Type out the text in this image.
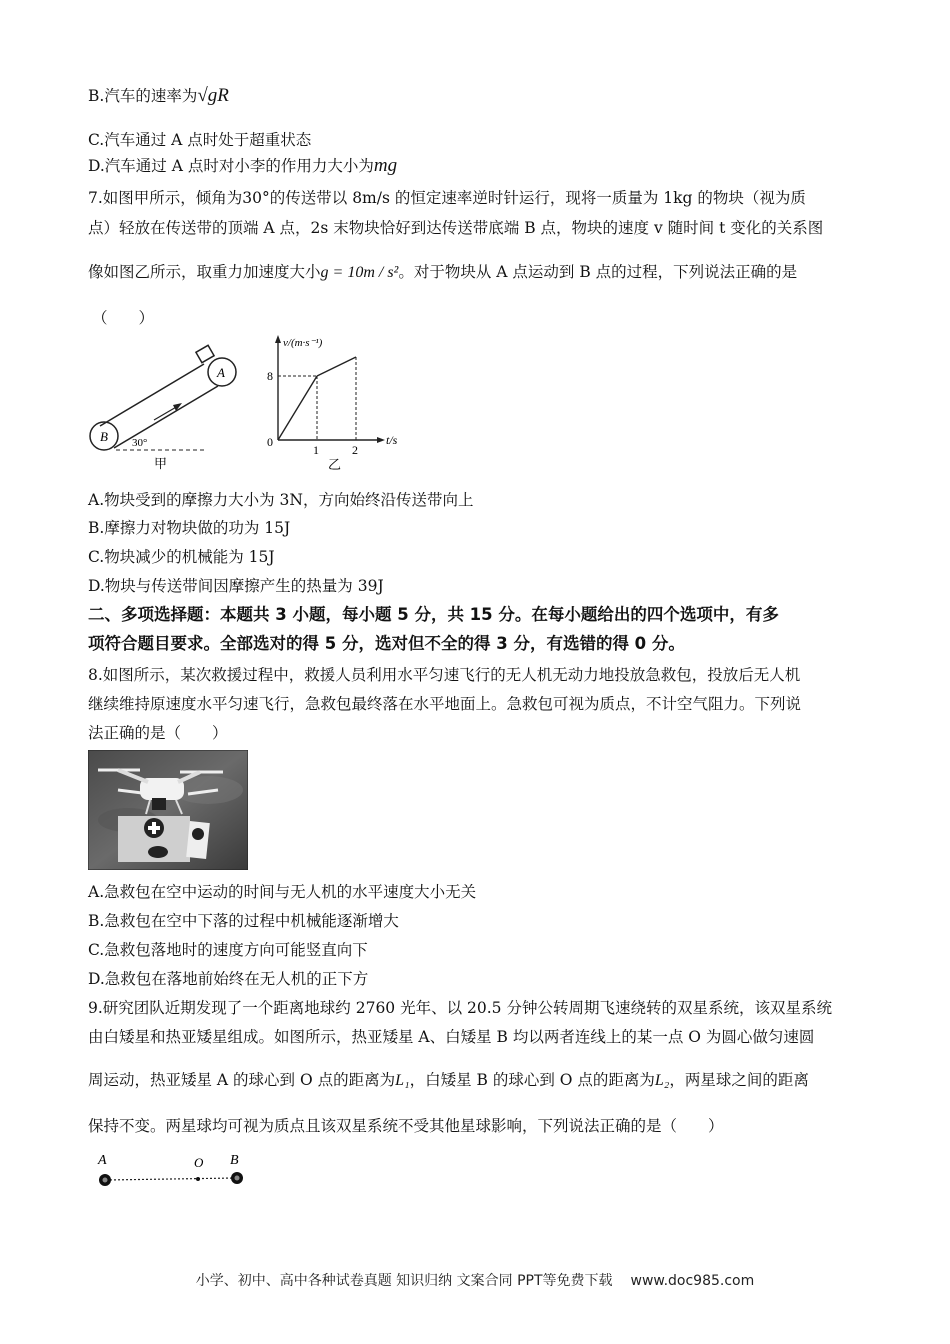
B.汽车的速率为√gR
C.汽车通过 A 点时处于超重状态
D.汽车通过 A 点时对小李的作用力大小为mg
7.如图甲所示，倾角为30°的传送带以 8m/s 的恒定速率逆时针运行，现将一质量为 1kg 的物块（视为质
点）轻放在传送带的顶端 A 点，2s 末物块恰好到达传送带底端 B 点，物块的速度 v 随时间 t 变化的关系图
像如图乙所示，取重力加速度大小g = 10m / s²。对于物块从 A 点运动到 B 点的过程，下列说法正确的是
（　　）
B
A
30°
甲
v/(m·s⁻¹)
t/s
8
0
1	2
乙
A.物块受到的摩擦力大小为 3N，方向始终沿传送带向上
B.摩擦力对物块做的功为 15J
C.物块减少的机械能为 15J
D.物块与传送带间因摩擦产生的热量为 39J
二、多项选择题：本题共 3 小题，每小题 5 分，共 15 分。在每小题给出的四个选项中，有多
项符合题目要求。全部选对的得 5 分，选对但不全的得 3 分，有选错的得 0 分。
8.如图所示，某次救援过程中，救援人员利用水平匀速飞行的无人机无动力地投放急救包，投放后无人机
继续维持原速度水平匀速飞行，急救包最终落在水平地面上。急救包可视为质点，不计空气阻力。下列说
法正确的是（　　）
A.急救包在空中运动的时间与无人机的水平速度大小无关
B.急救包在空中下落的过程中机械能逐渐增大
C.急救包落地时的速度方向可能竖直向下
D.急救包在落地前始终在无人机的正下方
9.研究团队近期发现了一个距离地球约 2760 光年、以 20.5 分钟公转周期飞速绕转的双星系统，该双星系统
由白矮星和热亚矮星组成。如图所示，热亚矮星 A、白矮星 B 均以两者连线上的某一点 O 为圆心做匀速圆
周运动，热亚矮星 A 的球心到 O 点的距离为L₁，白矮星 B 的球心到 O 点的距离为L₂，两星球之间的距离
保持不变。两星球均可视为质点且该双星系统不受其他星球影响，下列说法正确的是（　　）
A	O B
小学、初中、高中各种试卷真题 知识归纳 文案合同 PPT等免费下载 www.doc985.com
